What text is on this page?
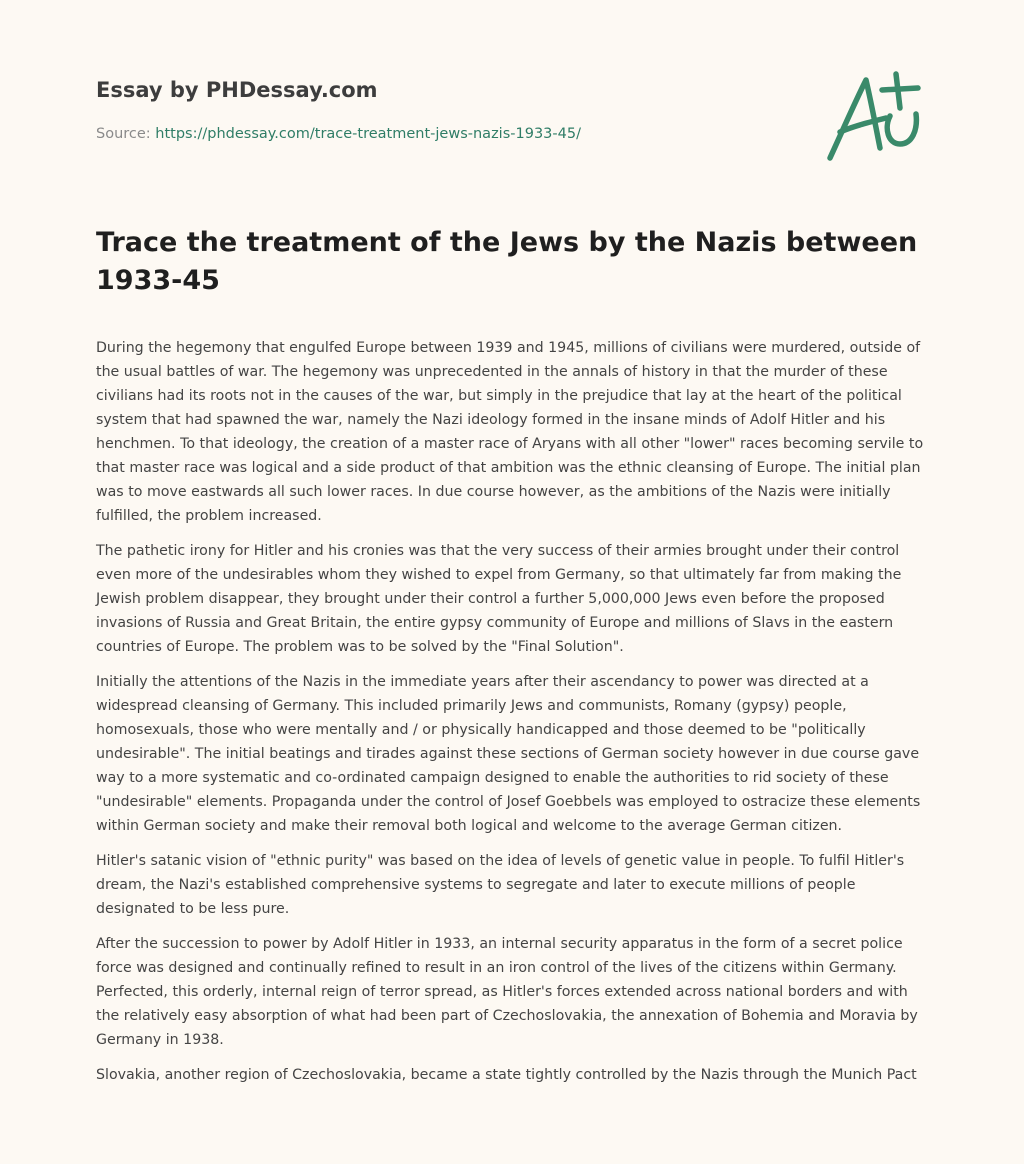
Essay by PHDessay.com
Source: https://phdessay.com/trace-treatment-jews-nazis-1933-45/
Trace the treatment of the Jews by the Nazis between 1933-45

During the hegemony that engulfed Europe between 1939 and 1945, millions of civilians were murdered, outside of the usual battles of war. The hegemony was unprecedented in the annals of history in that the murder of these civilians had its roots not in the causes of the war, but simply in the prejudice that lay at the heart of the political system that had spawned the war, namely the Nazi ideology formed in the insane minds of Adolf Hitler and his henchmen. To that ideology, the creation of a master race of Aryans with all other "lower" races becoming servile to that master race was logical and a side product of that ambition was the ethnic cleansing of Europe. The initial plan was to move eastwards all such lower races. In due course however, as the ambitions of the Nazis were initially fulfilled, the problem increased.

The pathetic irony for Hitler and his cronies was that the very success of their armies brought under their control even more of the undesirables whom they wished to expel from Germany, so that ultimately far from making the Jewish problem disappear, they brought under their control a further 5,000,000 Jews even before the proposed invasions of Russia and Great Britain, the entire gypsy community of Europe and millions of Slavs in the eastern countries of Europe. The problem was to be solved by the "Final Solution".

Initially the attentions of the Nazis in the immediate years after their ascendancy to power was directed at a widespread cleansing of Germany. This included primarily Jews and communists, Romany (gypsy) people, homosexuals, those who were mentally and / or physically handicapped and those deemed to be "politically undesirable". The initial beatings and tirades against these sections of German society however in due course gave way to a more systematic and co-ordinated campaign designed to enable the authorities to rid society of these "undesirable" elements. Propaganda under the control of Josef Goebbels was employed to ostracize these elements within German society and make their removal both logical and welcome to the average German citizen.

Hitler's satanic vision of "ethnic purity" was based on the idea of levels of genetic value in people. To fulfil Hitler's dream, the Nazi's established comprehensive systems to segregate and later to execute millions of people designated to be less pure.

After the succession to power by Adolf Hitler in 1933, an internal security apparatus in the form of a secret police force was designed and continually refined to result in an iron control of the lives of the citizens within Germany. Perfected, this orderly, internal reign of terror spread, as Hitler's forces extended across national borders and with the relatively easy absorption of what had been part of Czechoslovakia, the annexation of Bohemia and Moravia by Germany in 1938.

Slovakia, another region of Czechoslovakia, became a state tightly controlled by the Nazis through the Munich Pact
